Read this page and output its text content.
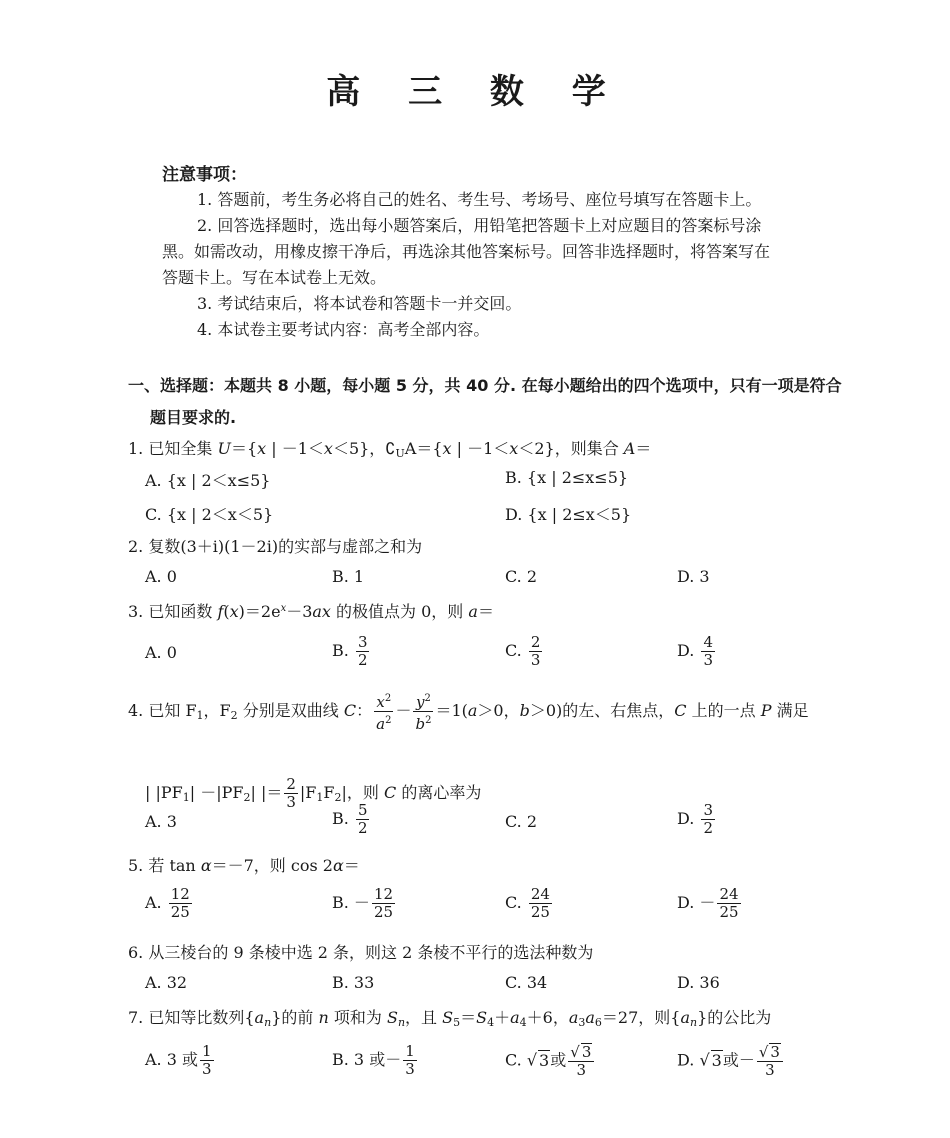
高 三 数 学
注意事项：
1. 答题前，考生务必将自己的姓名、考生号、考场号、座位号填写在答题卡上。
2. 回答选择题时，选出每小题答案后，用铅笔把答题卡上对应题目的答案标号涂
黑。如需改动，用橡皮擦干净后，再选涂其他答案标号。回答非选择题时，将答案写在
答题卡上。写在本试卷上无效。
3. 考试结束后，将本试卷和答题卡一并交回。
4. 本试卷主要考试内容：高考全部内容。
一、选择题：本题共 8 小题，每小题 5 分，共 40 分. 在每小题给出的四个选项中，只有一项是符合
题目要求的.
1. 已知全集 U＝{x | －1＜x＜5}，$∁_UA=\{x$ | －1＜x＜2}，则集合 A＝
A. {x | 2＜x≤5}	B. {x | 2≤x≤5}
C. {x | 2＜x＜5}	D. {x | 2≤x＜5}
2. 复数(3＋i)(1－2i)的实部与虚部之和为
A. 0	B. 1	C. 2	D. 3
3. 已知函数 $f(x)=2e^x-3ax$ 的极值点为 0，则 a＝
A. 0	B. $\frac{3}{2}$	C. $\frac{2}{3}$	D. $\frac{4}{3}$
4. 已知 $F_1$，$F_2$ 分别是双曲线 C： $\frac{x^2}{a^2} - \frac{y^2}{b^2} =1(a>0$，b＞0)的左、右焦点，C 上的一点 P 满足
| $|PF_1| -|PF_2|$ |＝ $\frac{2}{3} |F_1F_2|$，则 C 的离心率为
A. 3	B. $\frac{5}{2}$	C. 2	D. $\frac{3}{2}$
5. 若 tan α＝－7，则 cos 2α＝
A. $\frac{12}{25}$	B. － $\frac{12}{25}$	C. $\frac{24}{25}$	D. － $\frac{24}{25}$
6. 从三棱台的 9 条棱中选 2 条，则这 2 条棱不平行的选法种数为
A. 32	B. 33	C. 34	D. 36
7. 已知等比数列$\{a_n\}$的前 n 项和为 $S_n$，且 $S_5=S_4+a_4+6$，$a_3a_6=27$，则$\{a_n\}$的公比为
A. 3 或 $\frac{1}{3}$	B. 3 或－ $\frac{1}{3}$	C. √ 3或 $\frac{√ 3}{3}$	D. √ 3或－ $\frac{√ 3}{3}$
